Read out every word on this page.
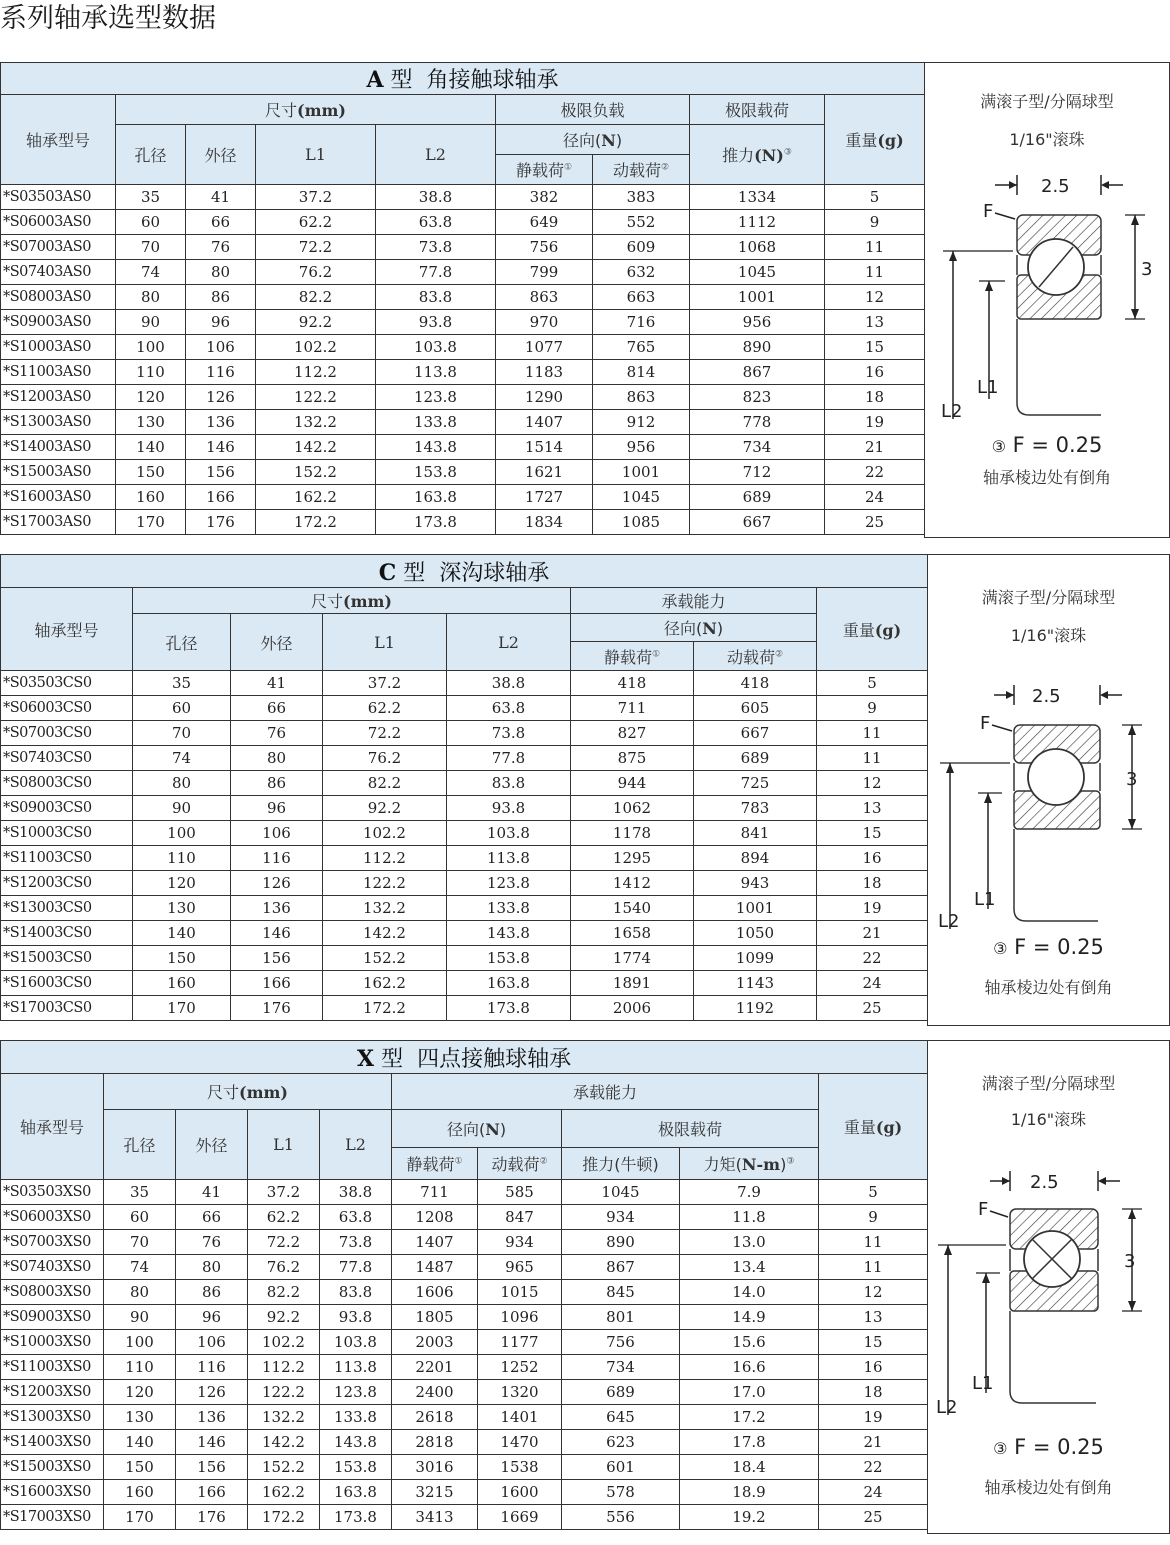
系列轴承选型数据
A 型 角接触球轴承								
轴承型号	尺寸(mm)				极限负载		极限载荷	重量(g)
	孔径	外径	L1	L2	径向(N)		推力(N)③
					静载荷①	动载荷②
*S03503AS0	35	41	37.2	38.8	382	383	1334	5
*S06003AS0	60	66	62.2	63.8	649	552	1112	9
*S07003AS0	70	76	72.2	73.8	756	609	1068	11
*S07403AS0	74	80	76.2	77.8	799	632	1045	11
*S08003AS0	80	86	82.2	83.8	863	663	1001	12
*S09003AS0	90	96	92.2	93.8	970	716	956	13
*S10003AS0	100	106	102.2	103.8	1077	765	890	15
*S11003AS0	110	116	112.2	113.8	1183	814	867	16
*S12003AS0	120	126	122.2	123.8	1290	863	823	18
*S13003AS0	130	136	132.2	133.8	1407	912	778	19
*S14003AS0	140	146	142.2	143.8	1514	956	734	21
*S15003AS0	150	156	152.2	153.8	1621	1001	712	22
*S16003AS0	160	166	162.2	163.8	1727	1045	689	24
*S17003AS0	170	176	172.2	173.8	1834	1085	667	25
满滚子型/分隔球型
1/16"滚珠
2.5
F
3
L1
L2
③ F = 0.25
轴承棱边处有倒角
C 型 深沟球轴承							
轴承型号	尺寸(mm)				承载能力		重量(g)
	孔径	外径	L1	L2	径向(N)		
					静载荷①	动载荷②
*S03503CS0	35	41	37.2	38.8	418	418	5
*S06003CS0	60	66	62.2	63.8	711	605	9
*S07003CS0	70	76	72.2	73.8	827	667	11
*S07403CS0	74	80	76.2	77.8	875	689	11
*S08003CS0	80	86	82.2	83.8	944	725	12
*S09003CS0	90	96	92.2	93.8	1062	783	13
*S10003CS0	100	106	102.2	103.8	1178	841	15
*S11003CS0	110	116	112.2	113.8	1295	894	16
*S12003CS0	120	126	122.2	123.8	1412	943	18
*S13003CS0	130	136	132.2	133.8	1540	1001	19
*S14003CS0	140	146	142.2	143.8	1658	1050	21
*S15003CS0	150	156	152.2	153.8	1774	1099	22
*S16003CS0	160	166	162.2	163.8	1891	1143	24
*S17003CS0	170	176	172.2	173.8	2006	1192	25
满滚子型/分隔球型
1/16"滚珠
2.5
F
3
L1
L2
③ F = 0.25
轴承棱边处有倒角
X 型 四点接触球轴承									
轴承型号	尺寸(mm)				承载能力				重量(g)
	孔径	外径	L1	L2	径向(N)		极限载荷		
					静载荷①	动载荷②	推力(牛顿)	力矩(N-m)③
*S03503XS0	35	41	37.2	38.8	711	585	1045	7.9	5
*S06003XS0	60	66	62.2	63.8	1208	847	934	11.8	9
*S07003XS0	70	76	72.2	73.8	1407	934	890	13.0	11
*S07403XS0	74	80	76.2	77.8	1487	965	867	13.4	11
*S08003XS0	80	86	82.2	83.8	1606	1015	845	14.0	12
*S09003XS0	90	96	92.2	93.8	1805	1096	801	14.9	13
*S10003XS0	100	106	102.2	103.8	2003	1177	756	15.6	15
*S11003XS0	110	116	112.2	113.8	2201	1252	734	16.6	16
*S12003XS0	120	126	122.2	123.8	2400	1320	689	17.0	18
*S13003XS0	130	136	132.2	133.8	2618	1401	645	17.2	19
*S14003XS0	140	146	142.2	143.8	2818	1470	623	17.8	21
*S15003XS0	150	156	152.2	153.8	3016	1538	601	18.4	22
*S16003XS0	160	166	162.2	163.8	3215	1600	578	18.9	24
*S17003XS0	170	176	172.2	173.8	3413	1669	556	19.2	25
满滚子型/分隔球型
1/16"滚珠
2.5
F
3
L1
L2
③ F = 0.25
轴承棱边处有倒角
